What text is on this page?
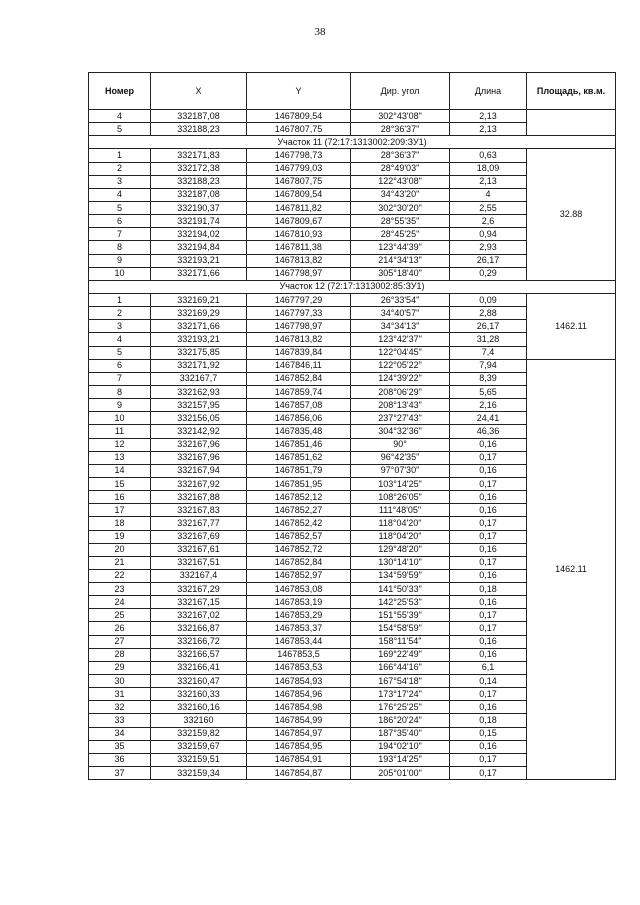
38
Номер	X	Y	Дир. угол	Длина	Площадь, кв.м.
4	332187,08	1467809,54	302°43'08"	2,13	
5	332188,23	1467807,75	28°36'37"	2,13	
Участок 11 (72:17:1313002:209:ЗУ1)					
1	332171,83	1467798,73	28°36'37"	0,63	32.88
2	332172,38	1467799,03	28°49'03"	18,09	
3	332188,23	1467807,75	122°43'08"	2,13	
4	332187,08	1467809,54	34°43'20"	4	
5	332190,37	1467811,82	302°30'20"	2,55	
6	332191,74	1467809,67	28°55'35"	2,6	
7	332194,02	1467810,93	28°45'25"	0,94	
8	332194,84	1467811,38	123°44'39"	2,93	
9	332193,21	1467813,82	214°34'13"	26,17	
10	332171,66	1467798,97	305°18'40"	0,29	
Участок 12 (72:17:1313002:85:ЗУ1)					
1	332169,21	1467797,29	26°33'54"	0,09	1462.11
2	332169,29	1467797,33	34°40'57"	2,88	
3	332171,66	1467798,97	34°34'13"	26,17	
4	332193,21	1467813,82	123°42'37"	31,28	
5	332175,85	1467839,84	122°04'45"	7,4	
6	332171,92	1467846,11	122°05'22"	7,94	1462.11
7	332167,7	1467852,84	124°39'22"	8,39	
8	332162,93	1467859,74	208°06'29"	5,65	
9	332157,95	1467857,08	208°13'43"	2,16	
10	332156,05	1467856,06	237°27'43"	24,41	
11	332142,92	1467835,48	304°32'36"	46,36	
12	332167,96	1467851,46	90°	0,16	
13	332167,96	1467851,62	96°42'35"	0,17	
14	332167,94	1467851,79	97°07'30"	0,16	
15	332167,92	1467851,95	103°14'25"	0,17	
16	332167,88	1467852,12	108°26'05"	0,16	
17	332167,83	1467852,27	111°48'05"	0,16	
18	332167,77	1467852,42	118°04'20"	0,17	
19	332167,69	1467852,57	118°04'20"	0,17	
20	332167,61	1467852,72	129°48'20"	0,16	
21	332167,51	1467852,84	130°14'10"	0,17	
22	332167,4	1467852,97	134°59'59"	0,16	
23	332167,29	1467853,08	141°50'33"	0,18	
24	332167,15	1467853,19	142°25'53"	0,16	
25	332167,02	1467853,29	151°55'39"	0,17	
26	332166,87	1467853,37	154°58'59"	0,17	
27	332166,72	1467853,44	158°11'54"	0,16	
28	332166,57	1467853,5	169°22'49"	0,16	
29	332166,41	1467853,53	166°44'16"	6,1	
30	332160,47	1467854,93	167°54'18"	0,14	
31	332160,33	1467854,96	173°17'24"	0,17	
32	332160,16	1467854,98	176°25'25"	0,16	
33	332160	1467854,99	186°20'24"	0,18	
34	332159,82	1467854,97	187°35'40"	0,15	
35	332159,67	1467854,95	194°02'10"	0,16	
36	332159,51	1467854,91	193°14'25"	0,17	
37	332159,34	1467854,87	205°01'00"	0,17	
